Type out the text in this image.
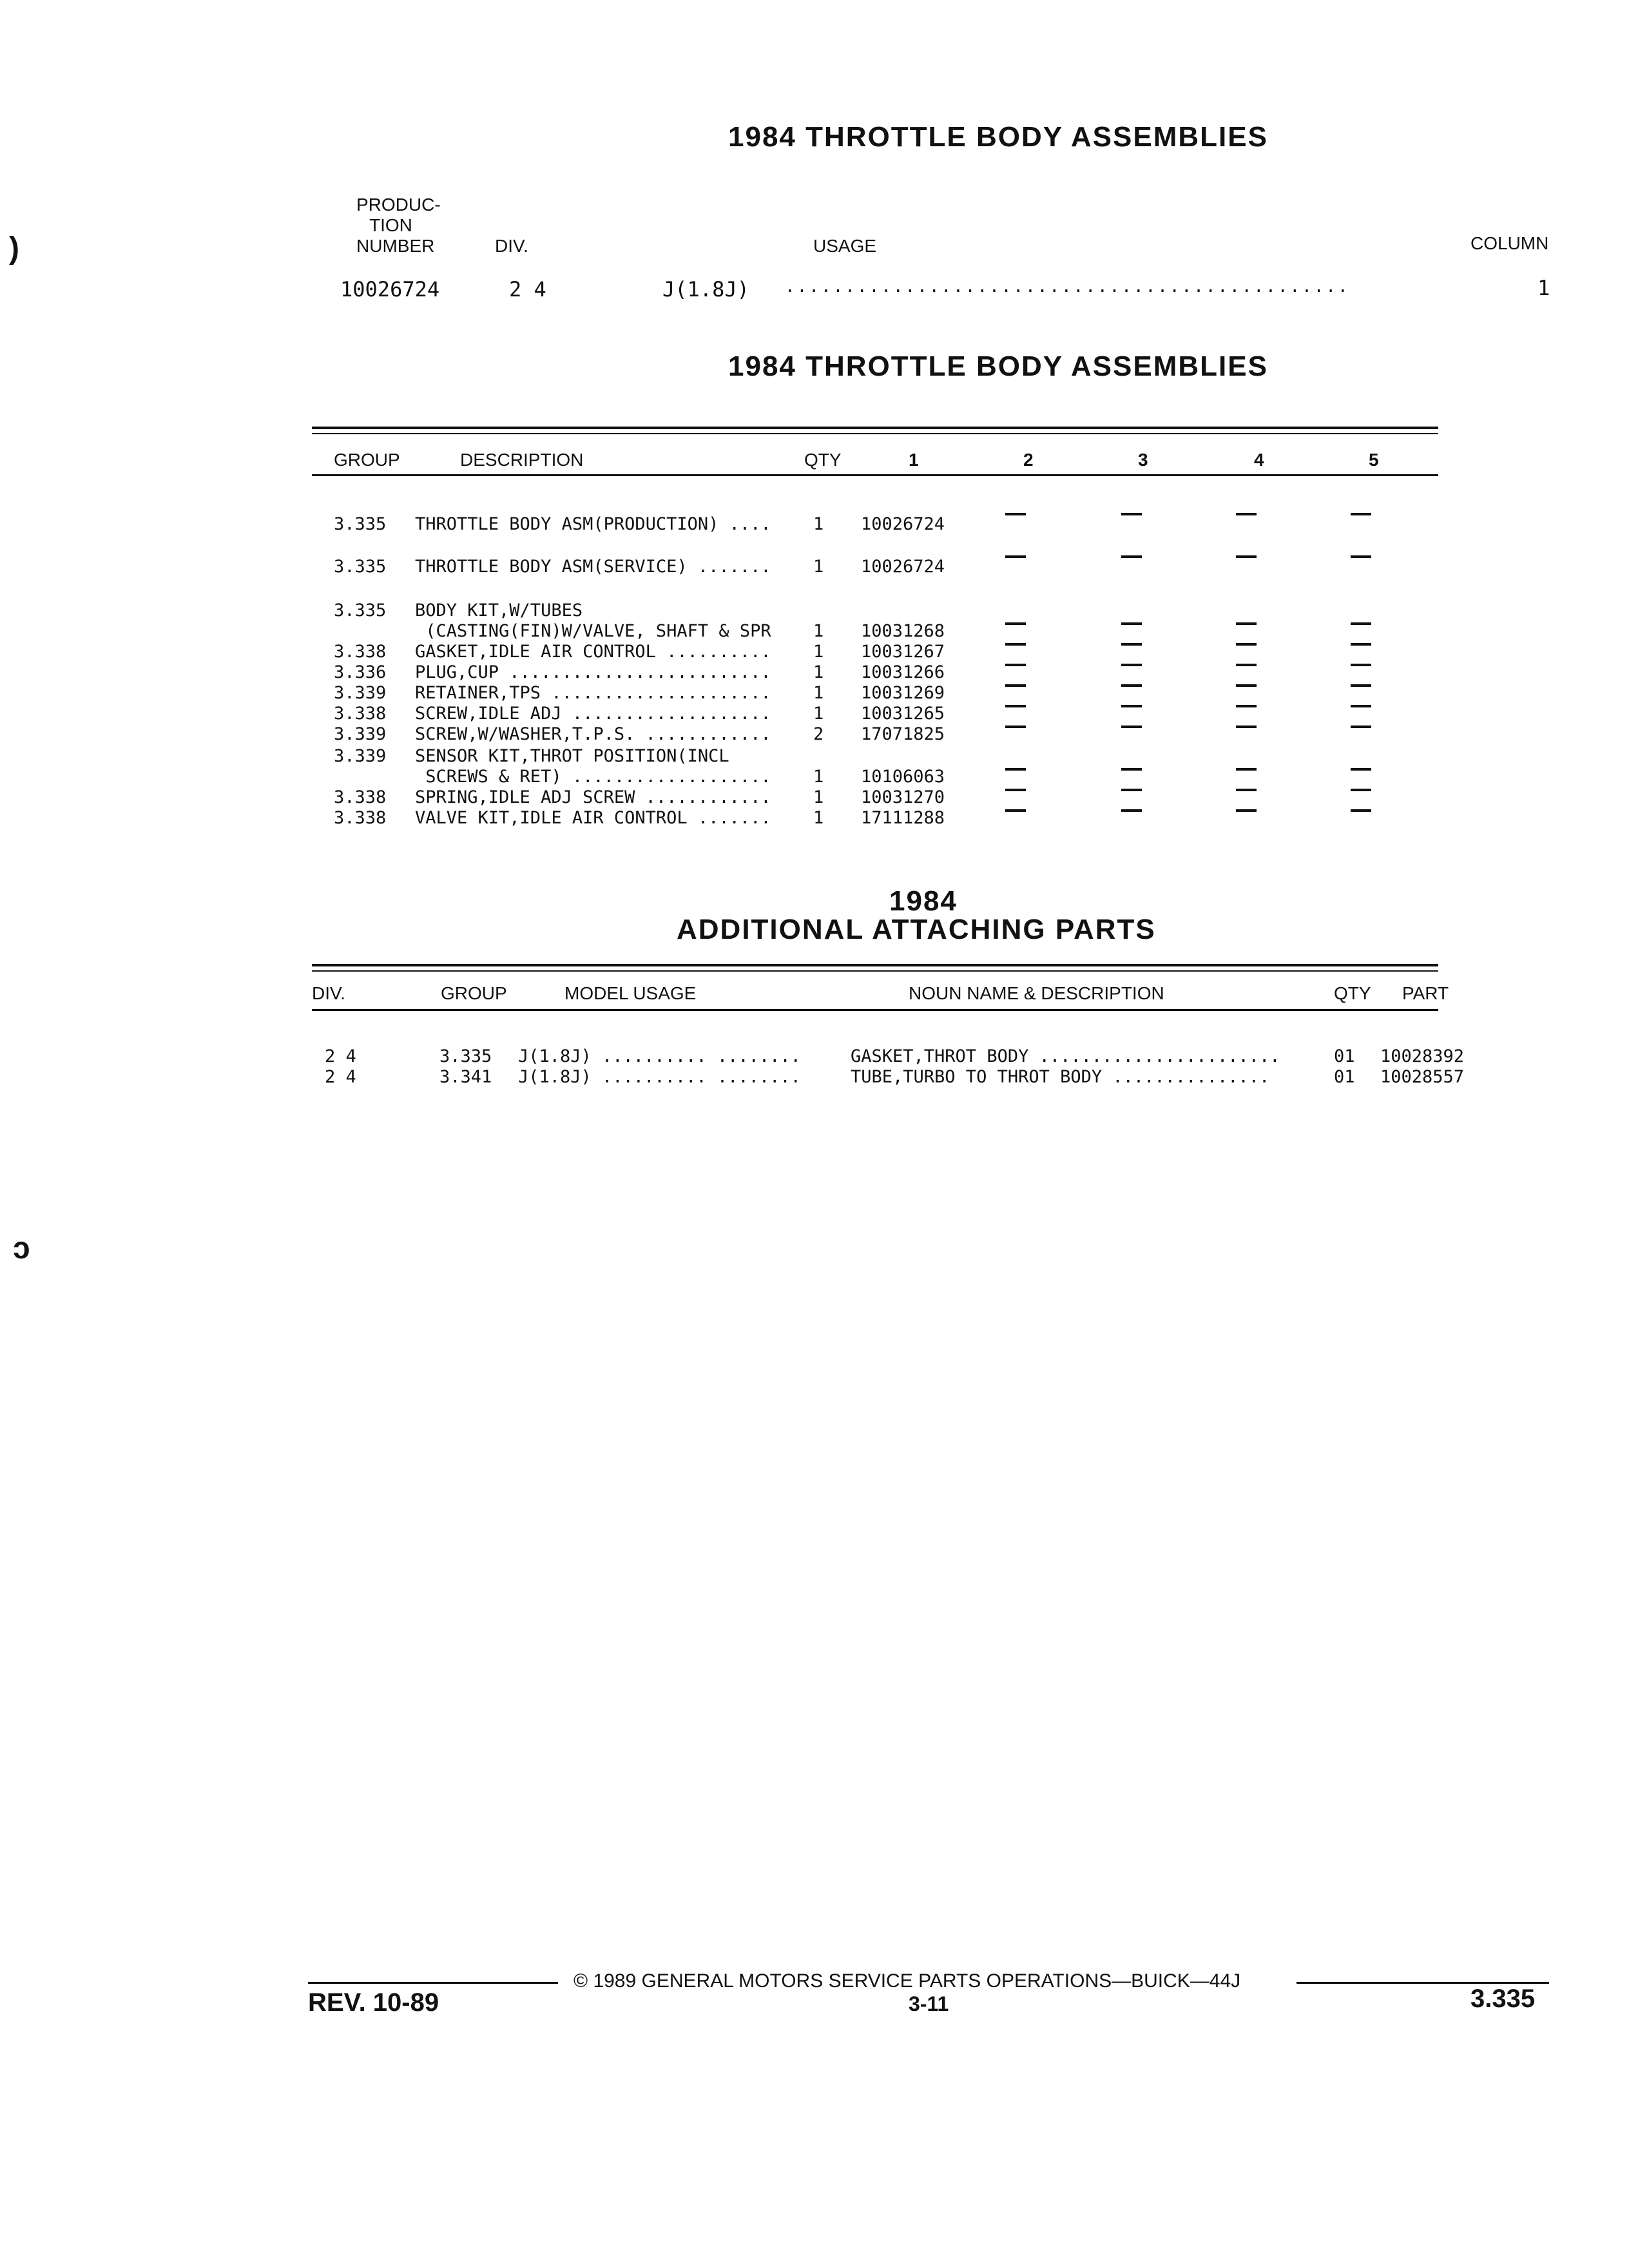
)
ↄ
1984 THROTTLE BODY ASSEMBLIES
PRODUC-
TION
NUMBER	DIV.	USAGE	COLUMN
10026724	2 4	J(1.8J) ...............................................	1
1984 THROTTLE BODY ASSEMBLIES
GROUP	DESCRIPTION	QTY	1	2	3	4	5
3.335 THROTTLE BODY ASM(PRODUCTION) .... 1 10026724
3.335 THROTTLE BODY ASM(SERVICE) ....... 1 10026724
3.335 BODY KIT,W/TUBES
(CASTING(FIN)W/VALVE, SHAFT & SPR 1 10031268
3.338 GASKET,IDLE AIR CONTROL .......... 1 10031267
3.336 PLUG,CUP ......................... 1 10031266
3.339 RETAINER,TPS ..................... 1 10031269
3.338 SCREW,IDLE ADJ ................... 1 10031265
3.339 SCREW,W/WASHER,T.P.S. ............ 2 17071825
3.339 SENSOR KIT,THROT POSITION(INCL
SCREWS & RET) ................... 1 10106063
3.338 SPRING,IDLE ADJ SCREW ............ 1 10031270
3.338 VALVE KIT,IDLE AIR CONTROL ....... 1 17111288
1984
ADDITIONAL ATTACHING PARTS
DIV.	GROUP	MODEL USAGE	NOUN NAME & DESCRIPTION	QTY PART
2 4	3.335 J(1.8J) .......... ........	GASKET,THROT BODY .......................	01 10028392
2 4	3.341 J(1.8J) .......... ........	TUBE,TURBO TO THROT BODY ...............	01 10028557
© 1989 GENERAL MOTORS SERVICE PARTS OPERATIONS—BUICK—44J
REV. 10-89	3-11	3.335
